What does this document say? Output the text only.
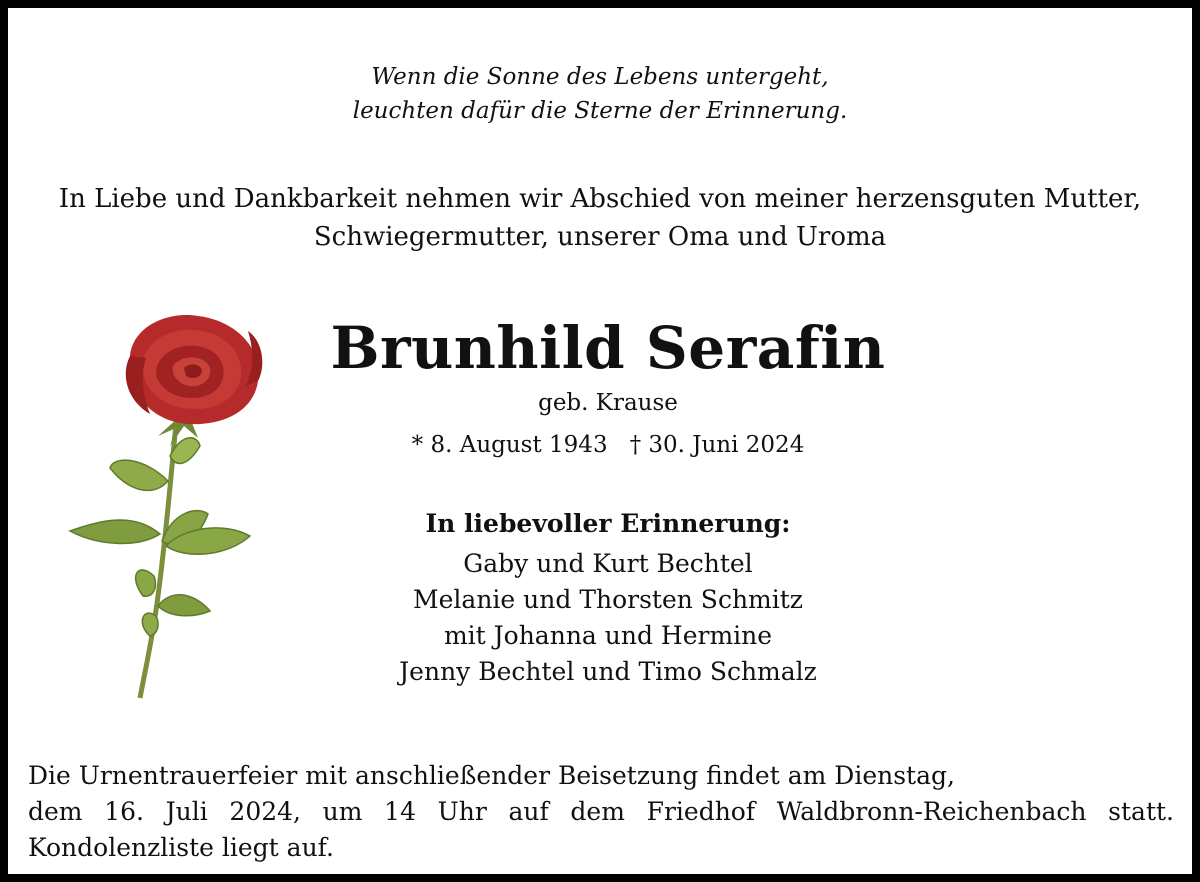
Wenn die Sonne des Lebens untergeht,
leuchten dafür die Sterne der Erinnerung.
In Liebe und Dankbarkeit nehmen wir Abschied von meiner herzensguten Mutter,
Schwiegermutter, unserer Oma und Uroma
Brunhild Serafin
geb. Krause
* 8. August 1943 † 30. Juni 2024
In liebevoller Erinnerung:
Gaby und Kurt Bechtel
Melanie und Thorsten Schmitz
mit Johanna und Hermine
Jenny Bechtel und Timo Schmalz
Die Urnentrauerfeier mit anschließender Beisetzung findet am Dienstag,
dem 16. Juli 2024, um 14 Uhr auf dem Friedhof Waldbronn-Reichenbach statt.
Kondolenzliste liegt auf.
